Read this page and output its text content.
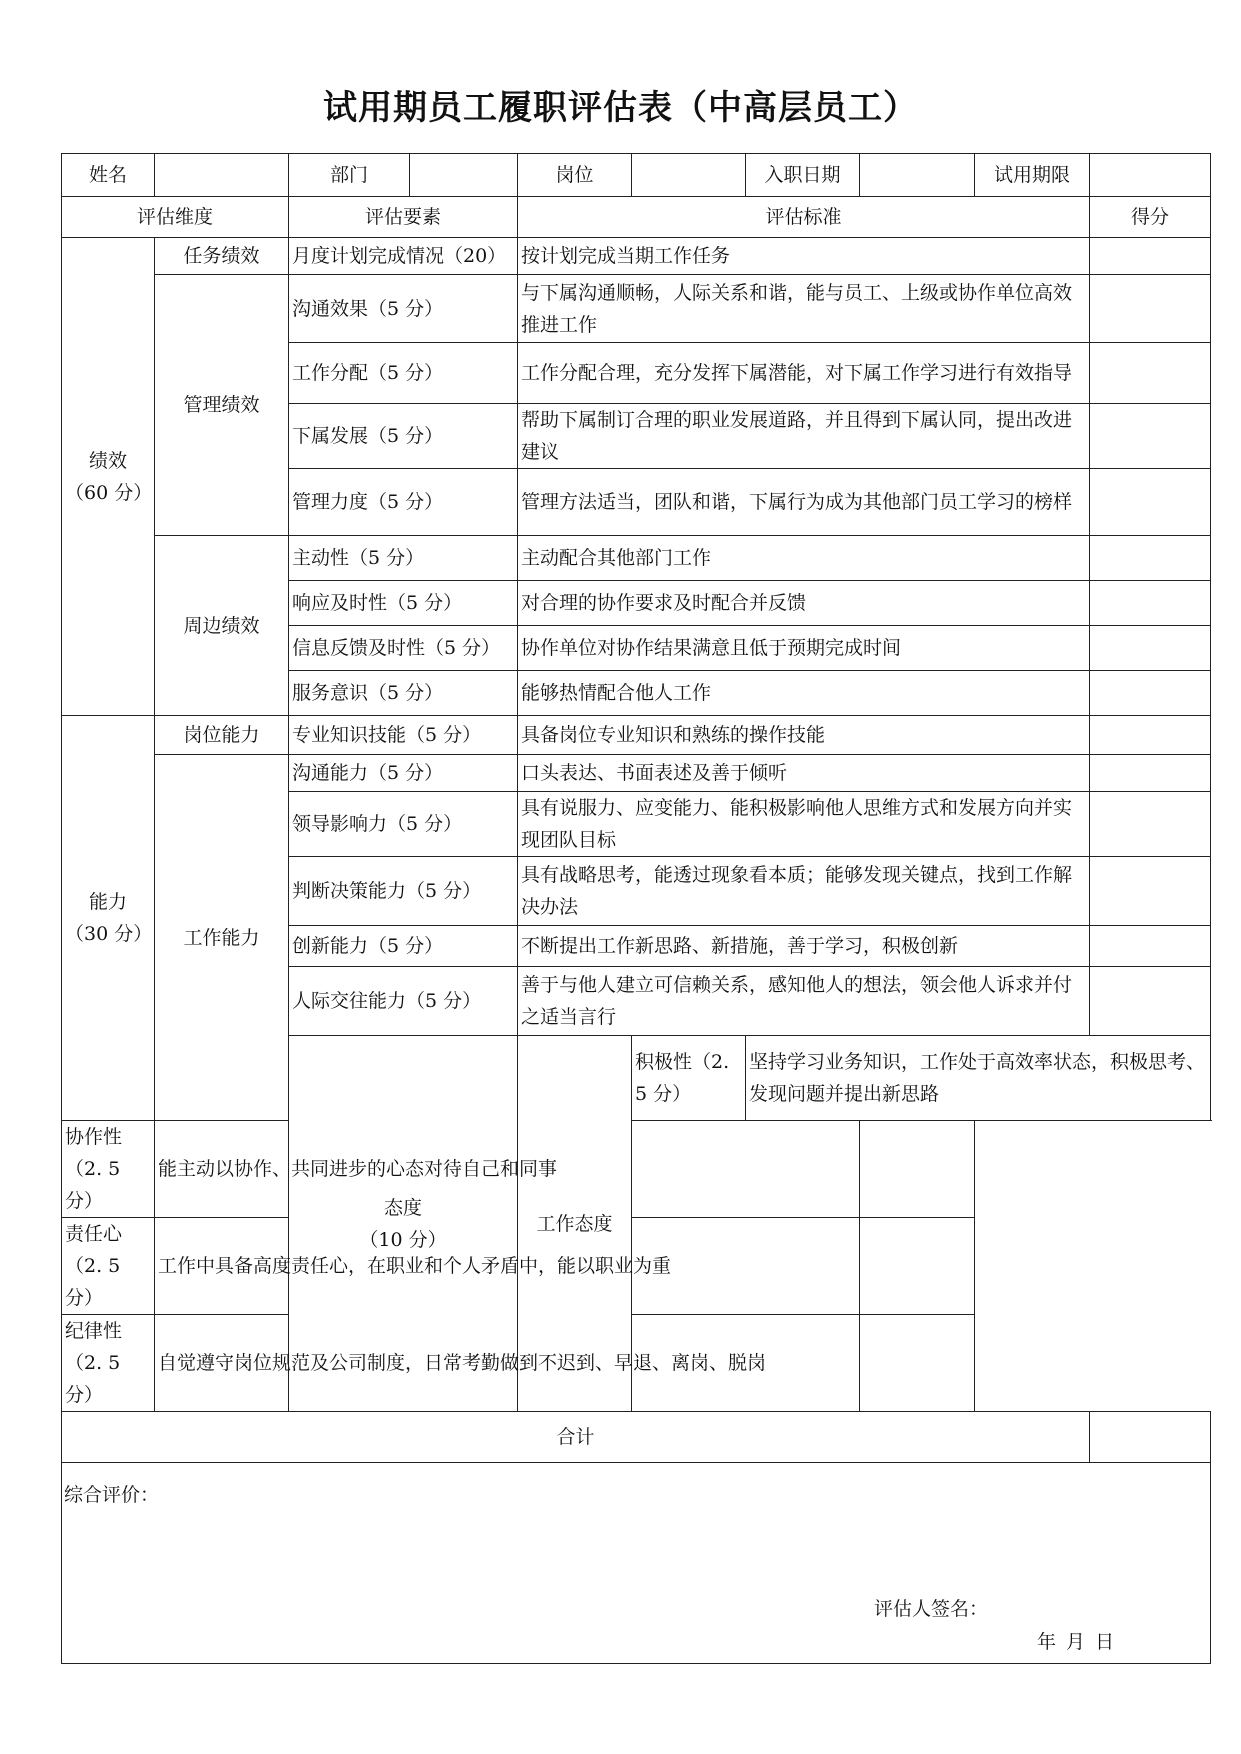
试用期员工履职评估表（中高层员工）
姓名			部门	
		岗位		入职日期		试用期限	
评估维度	评估要素	评估标准	得分

绩效
（60 分）
	任务绩效	月度计划完成情况（20）	按计划完成当期工作任务	
管理绩效	沟通效果（5 分）	与下属沟通顺畅，人际关系和谐，能与员工、上级或协作单位高效推进工作	
工作分配（5 分）	工作分配合理，充分发挥下属潜能，对下属工作学习进行有效指导	
下属发展（5 分）	帮助下属制订合理的职业发展道路，并且得到下属认同，提出改进建议	
管理力度（5 分）	管理方法适当，团队和谐，下属行为成为其他部门员工学习的榜样	
周边绩效	主动性（5 分）	主动配合其他部门工作	
响应及时性（5 分）	对合理的协作要求及时配合并反馈	
信息反馈及时性（5 分）	协作单位对协作结果满意且低于预期完成时间	
服务意识（5 分）	能够热情配合他人工作	

能力
（30 分）
	岗位能力	专业知识技能（5 分）	具备岗位专业知识和熟练的操作技能	
工作能力	沟通能力（5 分）	口头表达、书面表述及善于倾听	
领导影响力（5 分）	具有说服力、应变能力、能积极影响他人思维方式和发展方向并实现团队目标	
判断决策能力（5 分）	具有战略思考，能透过现象看本质；能够发现关键点，找到工作解决办法	
创新能力（5 分）	不断提出工作新思路、新措施，善于学习，积极创新	
人际交往能力（5 分）	善于与他人建立可信赖关系，感知他人的想法，领会他人诉求并付之适当言行	

态度
（10 分）
	工作态度	积极性（2. 5 分）	坚持学习业务知识，工作处于高效率状态，积极思考、发现问题并提出新思路	
协作性（2. 5 分）	能主动以协作、共同进步的心态对待自己和同事	
责任心（2. 5 分）	工作中具备高度责任心，在职业和个人矛盾中，能以职业为重	
纪律性（2. 5 分）	自觉遵守岗位规范及公司制度，日常考勤做到不迟到、早退、离岗、脱岗	
合计	

综合评价：
评估人签名：
年 月 日
